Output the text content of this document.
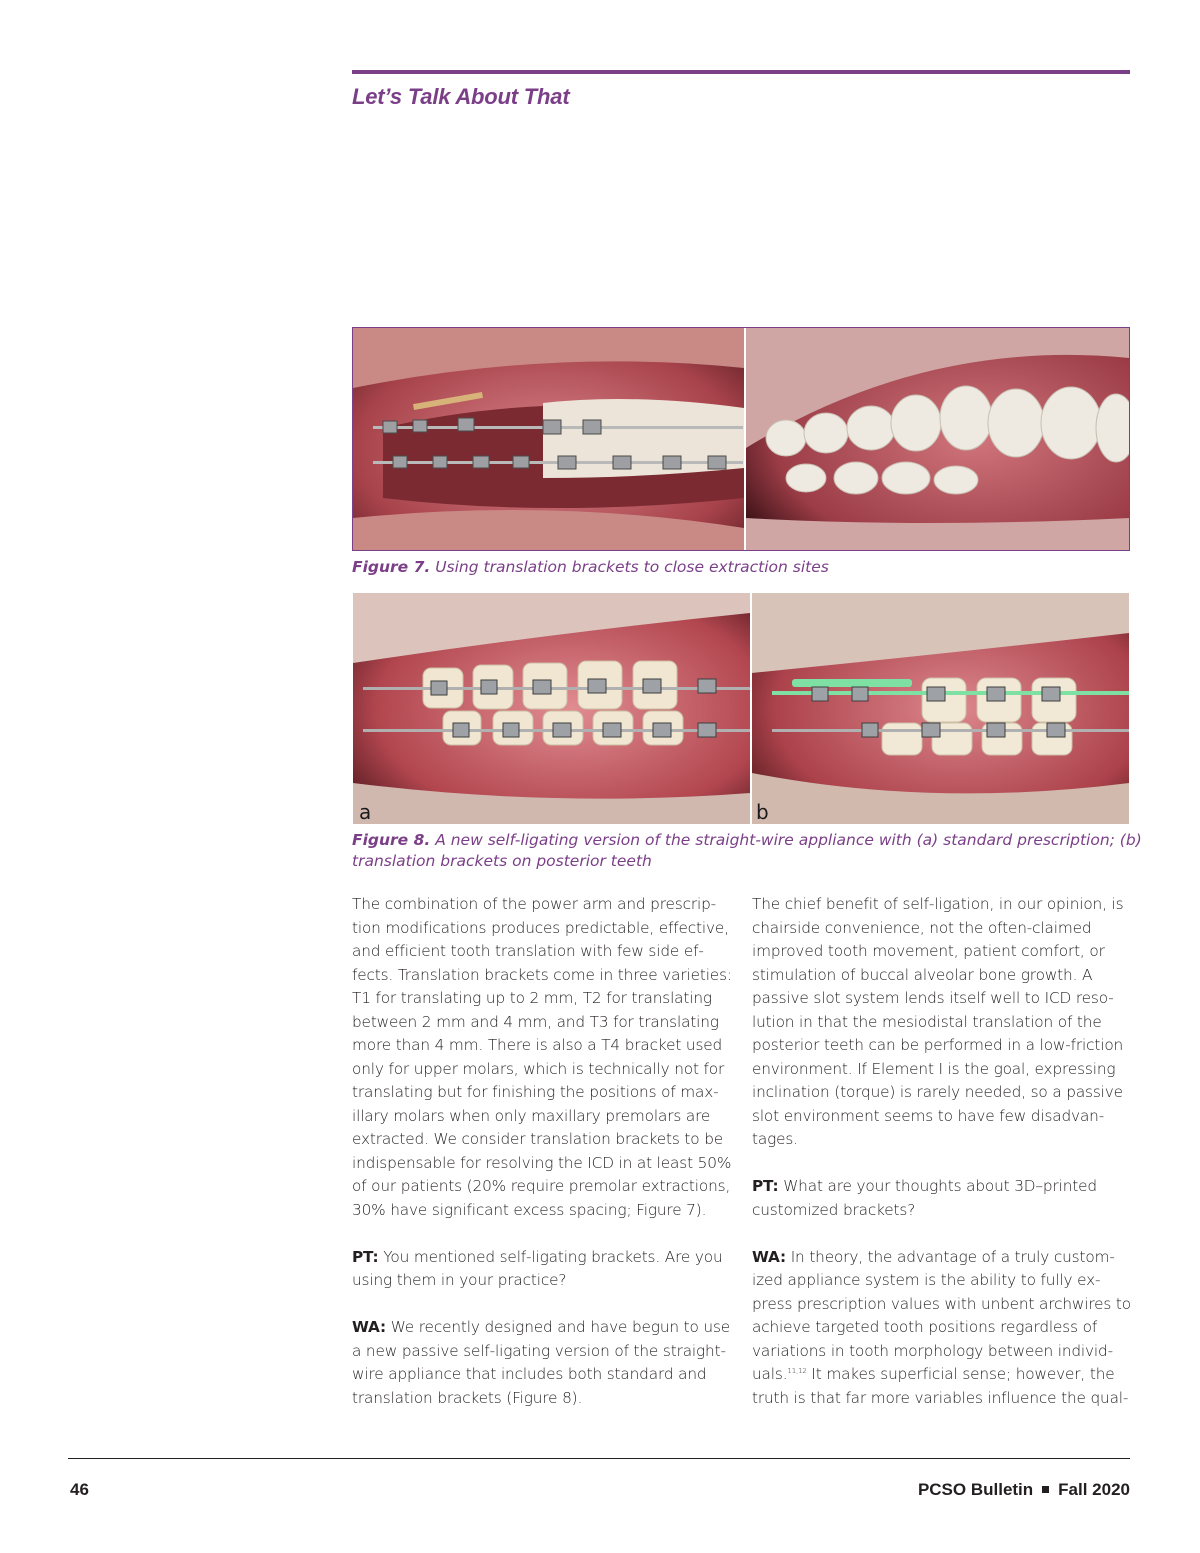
Let’s Talk About That

Figure 7. Using translation brackets to close extraction sites

a	b

Figure 8. A new self-ligating version of the straight-wire appliance with (a) standard prescription; (b) translation brackets on posterior teeth

The combination of the power arm and prescrip-tion modifications produces predictable, effective, and efficient tooth translation with few side ef-fects. Translation brackets come in three varieties: T1 for translating up to 2 mm, T2 for translating between 2 mm and 4 mm, and T3 for translating more than 4 mm. There is also a T4 bracket used only for upper molars, which is technically not for translating but for finishing the positions of max-illary molars when only maxillary premolars are extracted. We consider translation brackets to be indispensable for resolving the ICD in at least 50% of our patients (20% require premolar extractions, 30% have significant excess spacing; Figure 7).

PT: You mentioned self-ligating brackets. Are you using them in your practice?

WA: We recently designed and have begun to use a new passive self-ligating version of the straight-wire appliance that includes both standard and translation brackets (Figure 8).

The chief benefit of self-ligation, in our opinion, is chairside convenience, not the often-claimed improved tooth movement, patient comfort, or stimulation of buccal alveolar bone growth. A passive slot system lends itself well to ICD reso-lution in that the mesiodistal translation of the posterior teeth can be performed in a low-friction environment. If Element I is the goal, expressing inclination (torque) is rarely needed, so a passive slot environment seems to have few disadvan-tages.

PT: What are your thoughts about 3D–printed customized brackets?

WA: In theory, the advantage of a truly custom-ized appliance system is the ability to fully ex-press prescription values with unbent archwires to achieve targeted tooth positions regardless of variations in tooth morphology between individ-uals.$^{11,12}$ It makes superficial sense; however, the truth is that far more variables influence the qual-

46	PCSO Bulletin Fall 2020
